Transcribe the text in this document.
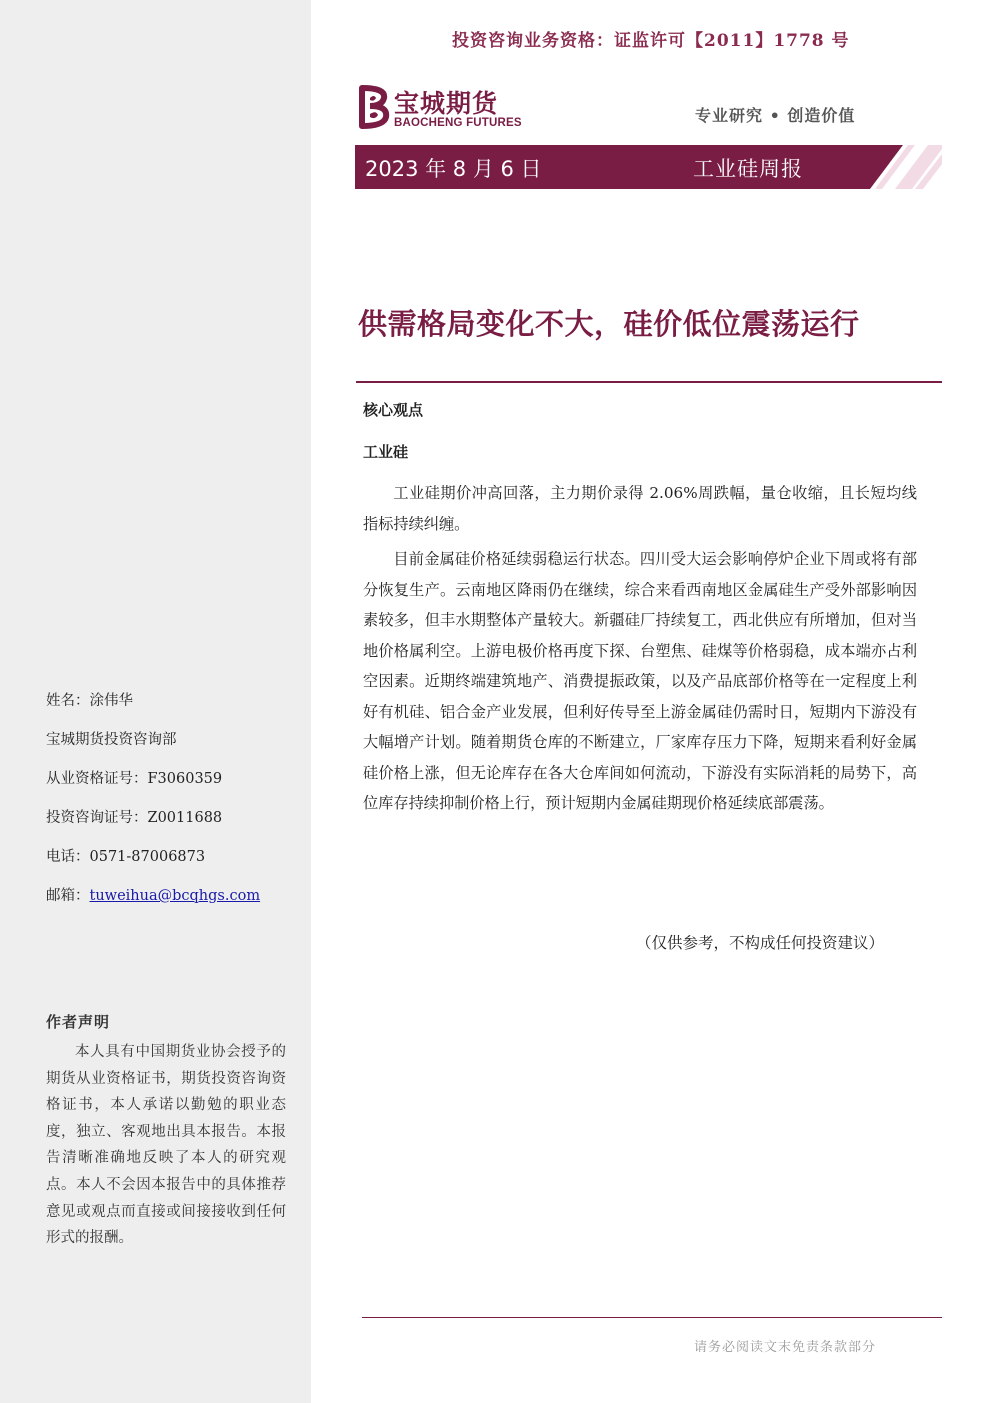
投资咨询业务资格：证监许可【2011】1778 号
宝城期货
BAOCHENG FUTURES	专业研究 • 创造价值
2023 年 8 月 6 日	工业硅周报
供需格局变化不大，硅价低位震荡运行
核心观点
工业硅

工业硅期价冲高回落，主力期价录得 2.06%周跌幅，量仓收缩，且长短均线指标持续纠缠。

目前金属硅价格延续弱稳运行状态。四川受大运会影响停炉企业下周或将有部分恢复生产。云南地区降雨仍在继续，综合来看西南地区金属硅生产受外部影响因素较多，但丰水期整体产量较大。新疆硅厂持续复工，西北供应有所增加，但对当地价格属利空。上游电极价格再度下探、台塑焦、硅煤等价格弱稳，成本端亦占利空因素。近期终端建筑地产、消费提振政策，以及产品底部价格等在一定程度上利好有机硅、铝合金产业发展，但利好传导至上游金属硅仍需时日，短期内下游没有大幅增产计划。随着期货仓库的不断建立，厂家库存压力下降，短期来看利好金属硅价格上涨，但无论库存在各大仓库间如何流动，下游没有实际消耗的局势下，高位库存持续抑制价格上行，预计短期内金属硅期现价格延续底部震荡。

（仅供参考，不构成任何投资建议）
姓名：涂伟华
宝城期货投资咨询部
从业资格证号：F3060359
投资咨询证号：Z0011688
电话：0571-87006873
邮箱：tuweihua@bcqhgs.com
作者声明

本人具有中国期货业协会授予的期货从业资格证书，期货投资咨询资格证书，本人承诺以勤勉的职业态度，独立、客观地出具本报告。本报告清晰准确地反映了本人的研究观点。本人不会因本报告中的具体推荐意见或观点而直接或间接接收到任何形式的报酬。

请务必阅读文末免责条款部分
